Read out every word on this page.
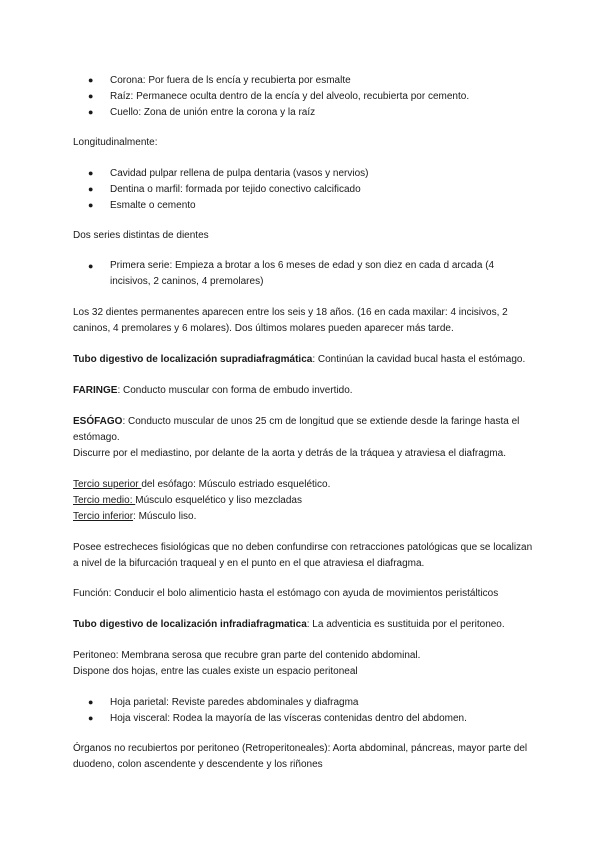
● Corona: Por fuera de ls encía y recubierta por esmalte
● Raíz: Permanece oculta dentro de la encía y del alveolo, recubierta por cemento.
● Cuello: Zona de unión entre la corona y la raíz
Longitudinalmente:
● Cavidad pulpar rellena de pulpa dentaria (vasos y nervios)
● Dentina o marfil: formada por tejido conectivo calcificado
● Esmalte o cemento
Dos series distintas de dientes
● Primera serie: Empieza a brotar a los 6 meses de edad y son diez en cada d arcada (4 incisivos, 2 caninos, 4 premolares)
Los 32 dientes permanentes aparecen entre los seis y 18 años. (16 en cada maxilar: 4 incisivos, 2 caninos, 4 premolares y 6 molares). Dos últimos molares pueden aparecer más tarde.
Tubo digestivo de localización supradiafragmática: Continúan la cavidad bucal hasta el estómago.
FARINGE: Conducto muscular con forma de embudo invertido.
ESÓFAGO: Conducto muscular de unos 25 cm de longitud que se extiende desde la faringe hasta el estómago.
Discurre por el mediastino, por delante de la aorta y detrás de la tráquea y atraviesa el diafragma.
Tercio superior del esófago: Músculo estriado esquelético.
Tercio medio: Músculo esquelético y liso mezcladas
Tercio inferior: Músculo liso.
Posee estrecheces fisiológicas que no deben confundirse con retracciones patológicas que se localizan a nivel de la bifurcación traqueal y en el punto en el que atraviesa el diafragma.
Función: Conducir el bolo alimenticio hasta el estómago con ayuda de movimientos peristálticos
Tubo digestivo de localización infradiafragmatica: La adventicia es sustituida por el peritoneo.
Peritoneo: Membrana serosa que recubre gran parte del contenido abdominal.
Dispone dos hojas, entre las cuales existe un espacio peritoneal
● Hoja parietal: Reviste paredes abdominales y diafragma
● Hoja visceral: Rodea la mayoría de las vísceras contenidas dentro del abdomen.
Órganos no recubiertos por peritoneo (Retroperitoneales): Aorta abdominal, páncreas, mayor parte del duodeno, colon ascendente y descendente y los riñones
